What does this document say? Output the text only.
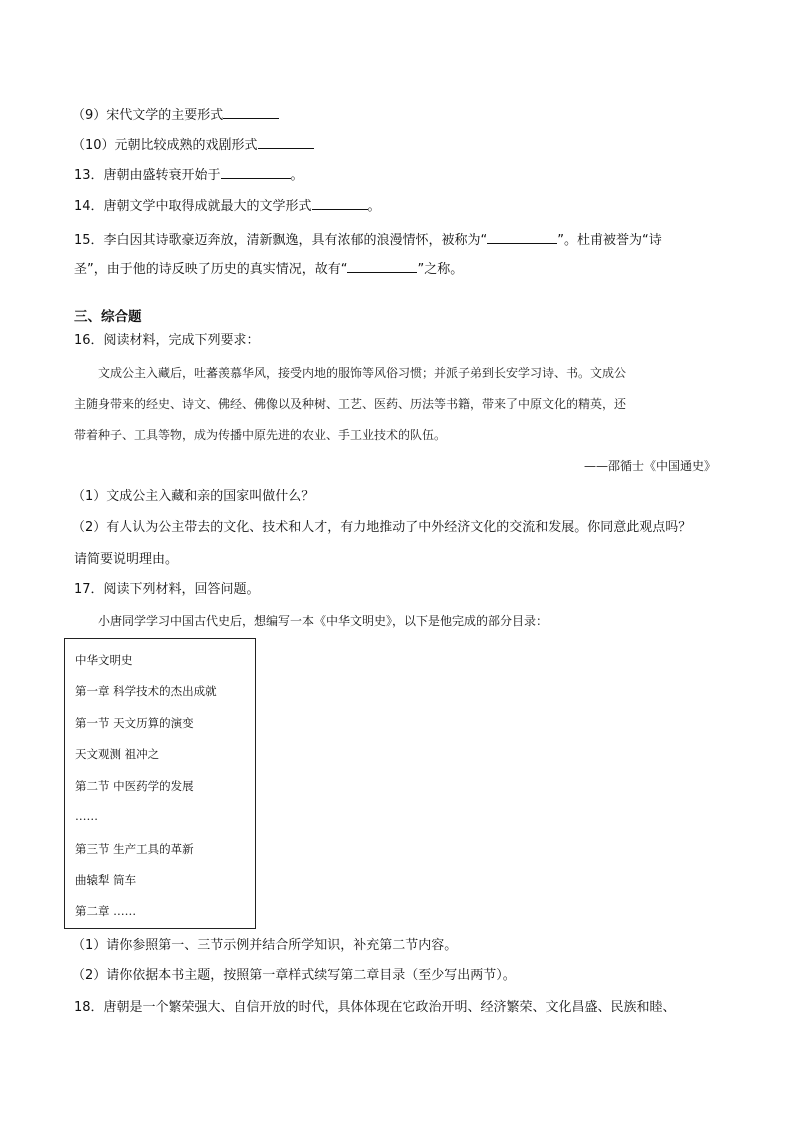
（9）宋代文学的主要形式
（10）元朝比较成熟的戏剧形式
13．唐朝由盛转衰开始于	。
14．唐朝文学中取得成就最大的文学形式	。
15．李白因其诗歌豪迈奔放，清新飘逸，具有浓郁的浪漫情怀，被称为“	”。杜甫被誉为“诗
圣”，由于他的诗反映了历史的真实情况，故有“	”之称。
三、综合题
16．阅读材料，完成下列要求：
文成公主入藏后，吐蕃羡慕华风，接受内地的服饰等风俗习惯；并派子弟到长安学习诗、书。文成公
主随身带来的经史、诗文、佛经、佛像以及种树、工艺、医药、历法等书籍，带来了中原文化的精英，还
带着种子、工具等物，成为传播中原先进的农业、手工业技术的队伍。
——邵循士《中国通史》
（1）文成公主入藏和亲的国家叫做什么？
（2）有人认为公主带去的文化、技术和人才，有力地推动了中外经济文化的交流和发展。你同意此观点吗？
请简要说明理由。
17．阅读下列材料，回答问题。
小唐同学学习中国古代史后，想编写一本《中华文明史》，以下是他完成的部分目录：
中华文明史
第一章 科学技术的杰出成就
第一节 天文历算的演变
天文观测 祖冲之
第二节 中医药学的发展
……
第三节 生产工具的革新
曲辕犁 筒车
第二章 ……
（1）请你参照第一、三节示例并结合所学知识，补充第二节内容。
（2）请你依据本书主题，按照第一章样式续写第二章目录（至少写出两节）。
18．唐朝是一个繁荣强大、自信开放的时代，具体体现在它政治开明、经济繁荣、文化昌盛、民族和睦、
